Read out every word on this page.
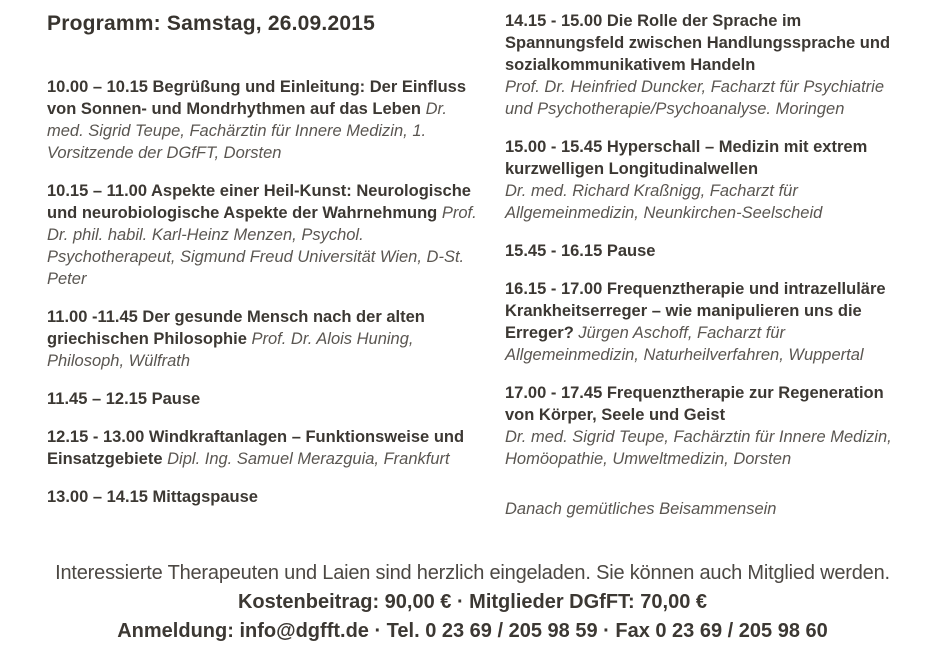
Programm: Samstag, 26.09.2015

10.00 – 10.15 Begrüßung und Einleitung: Der Einfluss von Sonnen- und Mondrhythmen auf das Leben Dr. med. Sigrid Teupe, Fachärztin für Innere Medizin, 1. Vorsitzende der DGfFT, Dorsten

10.15 – 11.00 Aspekte einer Heil-Kunst: Neurologische und neurobiologische Aspekte der Wahrnehmung Prof. Dr. phil. habil. Karl-Heinz Menzen, Psychol. Psychotherapeut, Sigmund Freud Universität Wien, D-St. Peter

11.00 -11.45 Der gesunde Mensch nach der alten griechischen Philosophie Prof. Dr. Alois Huning, Philosoph, Wülfrath

11.45 – 12.15 Pause

12.15 - 13.00 Windkraftanlagen – Funktionsweise und Einsatzgebiete Dipl. Ing. Samuel Merazguia, Frankfurt

13.00 – 14.15 Mittagspause

14.15 - 15.00 Die Rolle der Sprache im Spannungsfeld zwischen Handlungssprache und sozialkommunikativem Handeln
Prof. Dr. Heinfried Duncker, Facharzt für Psychiatrie und Psychotherapie/Psychoanalyse. Moringen

15.00 - 15.45 Hyperschall – Medizin mit extrem kurzwelligen Longitudinalwellen
Dr. med. Richard Kraßnigg, Facharzt für Allgemeinmedizin, Neunkirchen-Seelscheid

15.45 - 16.15 Pause

16.15 - 17.00 Frequenztherapie und intrazelluläre Krankheitserreger – wie manipulieren uns die Erreger? Jürgen Aschoff, Facharzt für Allgemeinmedizin, Naturheilverfahren, Wuppertal

17.00 - 17.45 Frequenztherapie zur Regeneration von Körper, Seele und Geist
Dr. med. Sigrid Teupe, Fachärztin für Innere Medizin, Homöopathie, Umweltmedizin, Dorsten

Danach gemütliches Beisammensein

Interessierte Therapeuten und Laien sind herzlich eingeladen. Sie können auch Mitglied werden.
Kostenbeitrag: 90,00 € · Mitglieder DGfFT: 70,00 €
Anmeldung: info@dgfft.de · Tel. 0 23 69 / 205 98 59 · Fax 0 23 69 / 205 98 60
